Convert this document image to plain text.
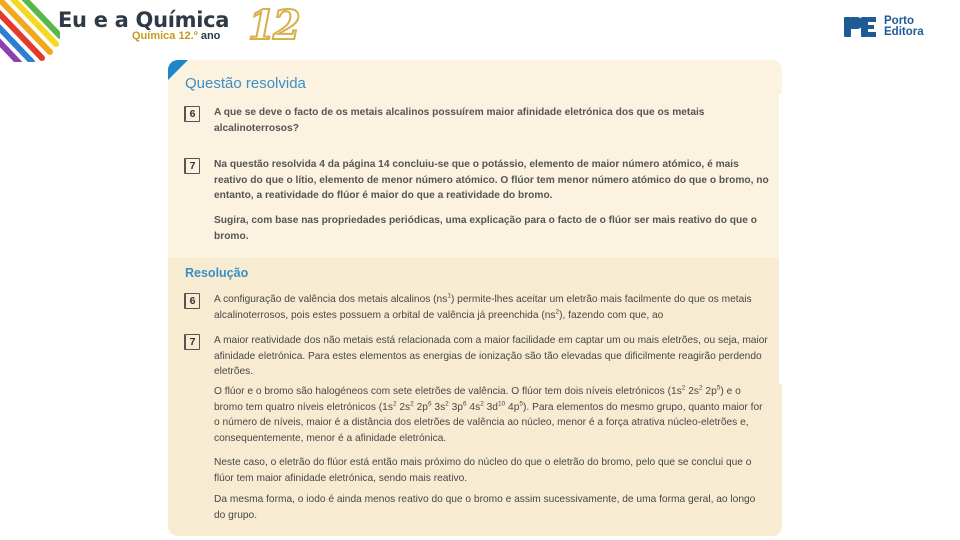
Eu e a Química
Química 12.º ano 12	Porto
Editora
Questão resolvida
6	A que se deve o facto de os metais alcalinos possuírem maior afinidade eletrónica dos que os metais alcalinoterrosos?
7	Na questão resolvida 4 da página 14 concluiu-se que o potássio, elemento de maior número atómico, é mais reativo do que o lítio, elemento de menor número atómico. O flúor tem menor número atómico do que o bromo, no entanto, a reatividade do flúor é maior do que a reatividade do bromo.
Sugira, com base nas propriedades periódicas, uma explicação para o facto de o flúor ser mais reativo do que o bromo.
Resolução
6	A configuração de valência dos metais alcalinos $(ns^1)$ permite-lhes aceitar um eletrão mais facilmente do que os metais alcalinoterrosos, pois estes possuem a orbital de valência já preenchida $(ns^2)$, fazendo com que, ao
7	A maior reatividade dos não metais está relacionada com a maior facilidade em captar um ou mais eletrões, ou seja, maior afinidade eletrónica. Para estes elementos as energias de ionização são tão elevadas que dificilmente reagirão perdendo eletrões.
O flúor e o bromo são halogéneos com sete eletrões de valência. O flúor tem dois níveis eletrónicos ($1s^2$ $2s^2$ $2p^5$) e o bromo tem quatro níveis eletrónicos ($1s^2$ $2s^2$ $2p^6$ $3s^2$ $3p^6$ $4s^2$ $3d^{10}$ $4p^5$). Para elementos do mesmo grupo, quanto maior for o número de níveis, maior é a distância dos eletrões de valência ao núcleo, menor é a força atrativa núcleo-eletrões e, consequentemente, menor é a afinidade eletrónica.
Neste caso, o eletrão do flúor está então mais próximo do núcleo do que o eletrão do bromo, pelo que se conclui que o flúor tem maior afinidade eletrónica, sendo mais reativo.
Da mesma forma, o iodo é ainda menos reativo do que o bromo e assim sucessivamente, de uma forma geral, ao longo do grupo.
